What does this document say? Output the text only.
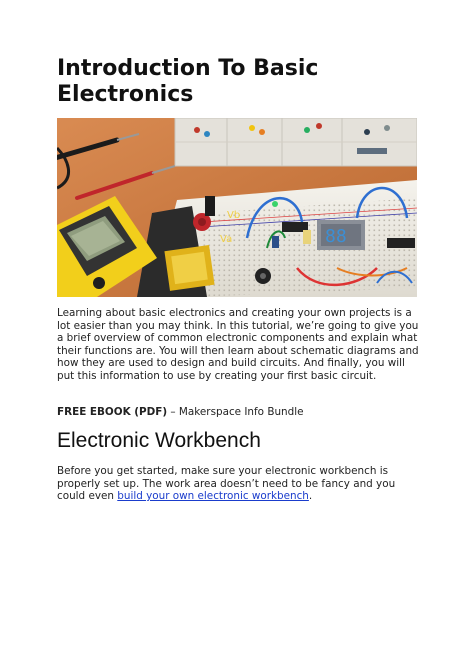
Introduction To Basic Electronics
Va
Vb
88

Learning about basic electronics and creating your own projects is a lot easier than you may think. In this tutorial, we’re going to give you a brief overview of common electronic components and explain what their functions are. You will then learn about schematic diagrams and how they are used to design and build circuits. And finally, you will put this information to use by creating your first basic circuit.

FREE EBOOK (PDF) – Makerspace Info Bundle

Electronic Workbench

Before you get started, make sure your electronic workbench is properly set up. The work area doesn’t need to be fancy and you could even build your own electronic workbench.
